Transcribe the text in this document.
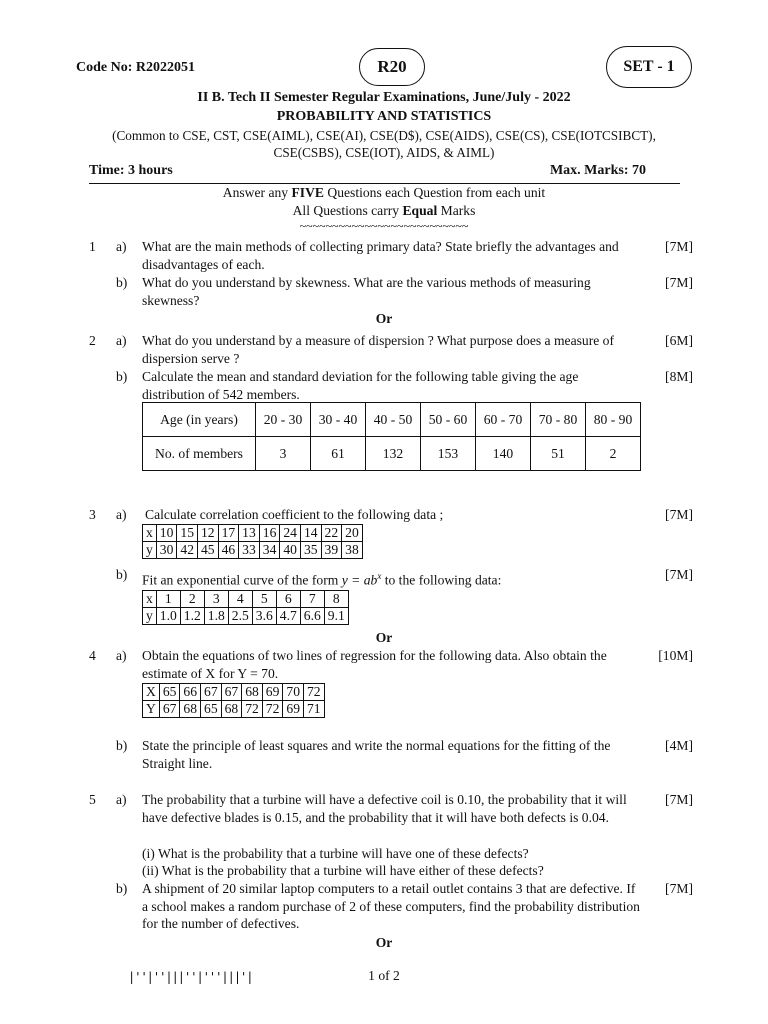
Code No: R2022051	R20	SET - 1
II B. Tech II Semester Regular Examinations, June/July - 2022
PROBABILITY AND STATISTICS
(Common to CSE, CST, CSE(AIML), CSE(AI), CSE(D$), CSE(AIDS), CSE(CS), CSE(IOTCSIBCT),
CSE(CSBS), CSE(IOT), AIDS, & AIML)
Time: 3 hours	Max. Marks: 70
Answer any FIVE Questions each Question from each unit
All Questions carry Equal Marks
~~~~~~~~~~~~~~~~~~~~~~~~~~
1 a) What are the main methods of collecting primary data? State briefly the advantages and disadvantages of each.
[7M]
b) What do you understand by skewness. What are the various methods of measuring skewness?
[7M]
Or
2 a) What do you understand by a measure of dispersion ? What purpose does a measure of dispersion serve ?
[6M]
b) Calculate the mean and standard deviation for the following table giving the age distribution of 542 members.
[8M]
Age (in years)	20 - 30	30 - 40	40 - 50	50 - 60	60 - 70	70 - 80	80 - 90
No. of members	3	61	132	153	140	51	2
3 a) Calculate correlation coefficient to the following data ;	[7M]
x	10	15	12	17	13	16	24	14	22	20
y	30	42	45	46	33	34	40	35	39	38
b) Fit an exponential curve of the form $y = ab^x$ to the following data:	[7M]
x	1	2	3	4	5	6	7	8
y	1.0	1.2	1.8	2.5	3.6	4.7	6.6	9.1
Or
4 a) Obtain the equations of two lines of regression for the following data. Also obtain the estimate of X for Y = 70.
[10M]
X	65	66	67	67	68	69	70	72
Y	67	68	65	68	72	72	69	71
b) State the principle of least squares and write the normal equations for the fitting of the Straight line.
[4M]
5 a) The probability that a turbine will have a defective coil is 0.10, the probability that it will have defective blades is 0.15, and the probability that it will have both defects is 0.04.
[7M]
(i) What is the probability that a turbine will have one of these defects?
(ii) What is the probability that a turbine will have either of these defects?
b) A shipment of 20 similar laptop computers to a retail outlet contains 3 that are defective. If a school makes a random purchase of 2 of these computers, find the probability distribution for the number of defectives.
[7M]
Or
|''|''|||''|'''|||'|	1 of 2
